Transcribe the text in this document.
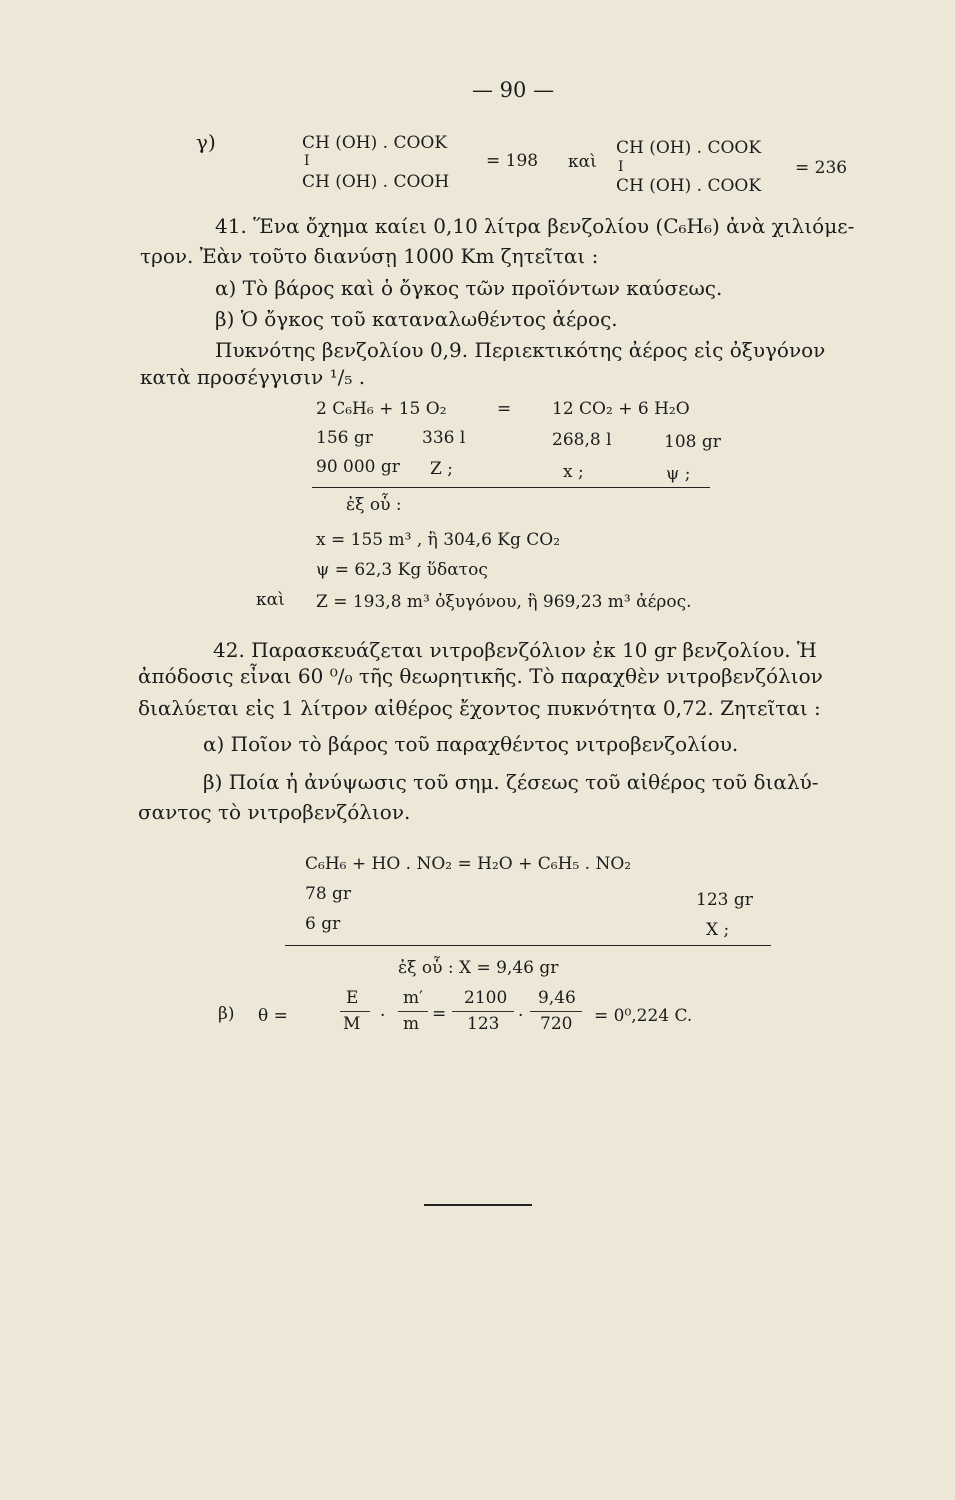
— 90 —
γ)	CH (OH) . COOK
I
CH (OH) . COOH
= 198 καὶ
CH (OH) . COOK
I
CH (OH) . COOK
= 236
41. Ἕνα ὄχημα καίει 0,10 λίτρα βενζολίου (C₆H₆) ἀνὰ χιλιόμε-
τρον. Ἐὰν τοῦτο διανύσῃ 1000 Km ζητεῖται :
α) Τὸ βάρος καὶ ὁ ὄγκος τῶν προϊόντων καύσεως.
β) Ὁ ὄγκος τοῦ καταναλωθέντος ἀέρος.
Πυκνότης βενζολίου 0,9. Περιεκτικότης ἀέρος εἰς ὀξυγόνον
κατὰ προσέγγισιν ¹/₅ .
2 C₆H₆ + 15 O₂	= 12 CO₂ + 6 H₂O
156 gr	336 l	268,8 l	108 gr
90 000 gr Z ;	x ;	ψ ;
ἐξ οὗ :
x = 155 m³ , ἢ 304,6 Kg CO₂
ψ = 62,3 Kg ὕδατος
καὶ Z = 193,8 m³ ὀξυγόνου, ἢ 969,23 m³ ἀέρος.
42. Παρασκευάζεται νιτροβενζόλιον ἐκ 10 gr βενζολίου. Ἡ
ἀπόδοσις εἶναι 60 ⁰/₀ τῆς θεωρητικῆς. Τὸ παραχθὲν νιτροβενζόλιον
διαλύεται εἰς 1 λίτρον αἰθέρος ἔχοντος πυκνότητα 0,72. Ζητεῖται :
α) Ποῖον τὸ βάρος τοῦ παραχθέντος νιτροβενζολίου.
β) Ποία ἡ ἀνύψωσις τοῦ σημ. ζέσεως τοῦ αἰθέρος τοῦ διαλύ-
σαντος τὸ νιτροβενζόλιον.
C₆H₆ + HO . NO₂ = H₂O + C₆H₅ . NO₂
78 gr	123 gr
6 gr	X ;
ἐξ οὗ : X = 9,46 gr
β) θ =
E
M ·
m′
m =
2100
123 ·
9,46
720 = 0⁰,224 C.
